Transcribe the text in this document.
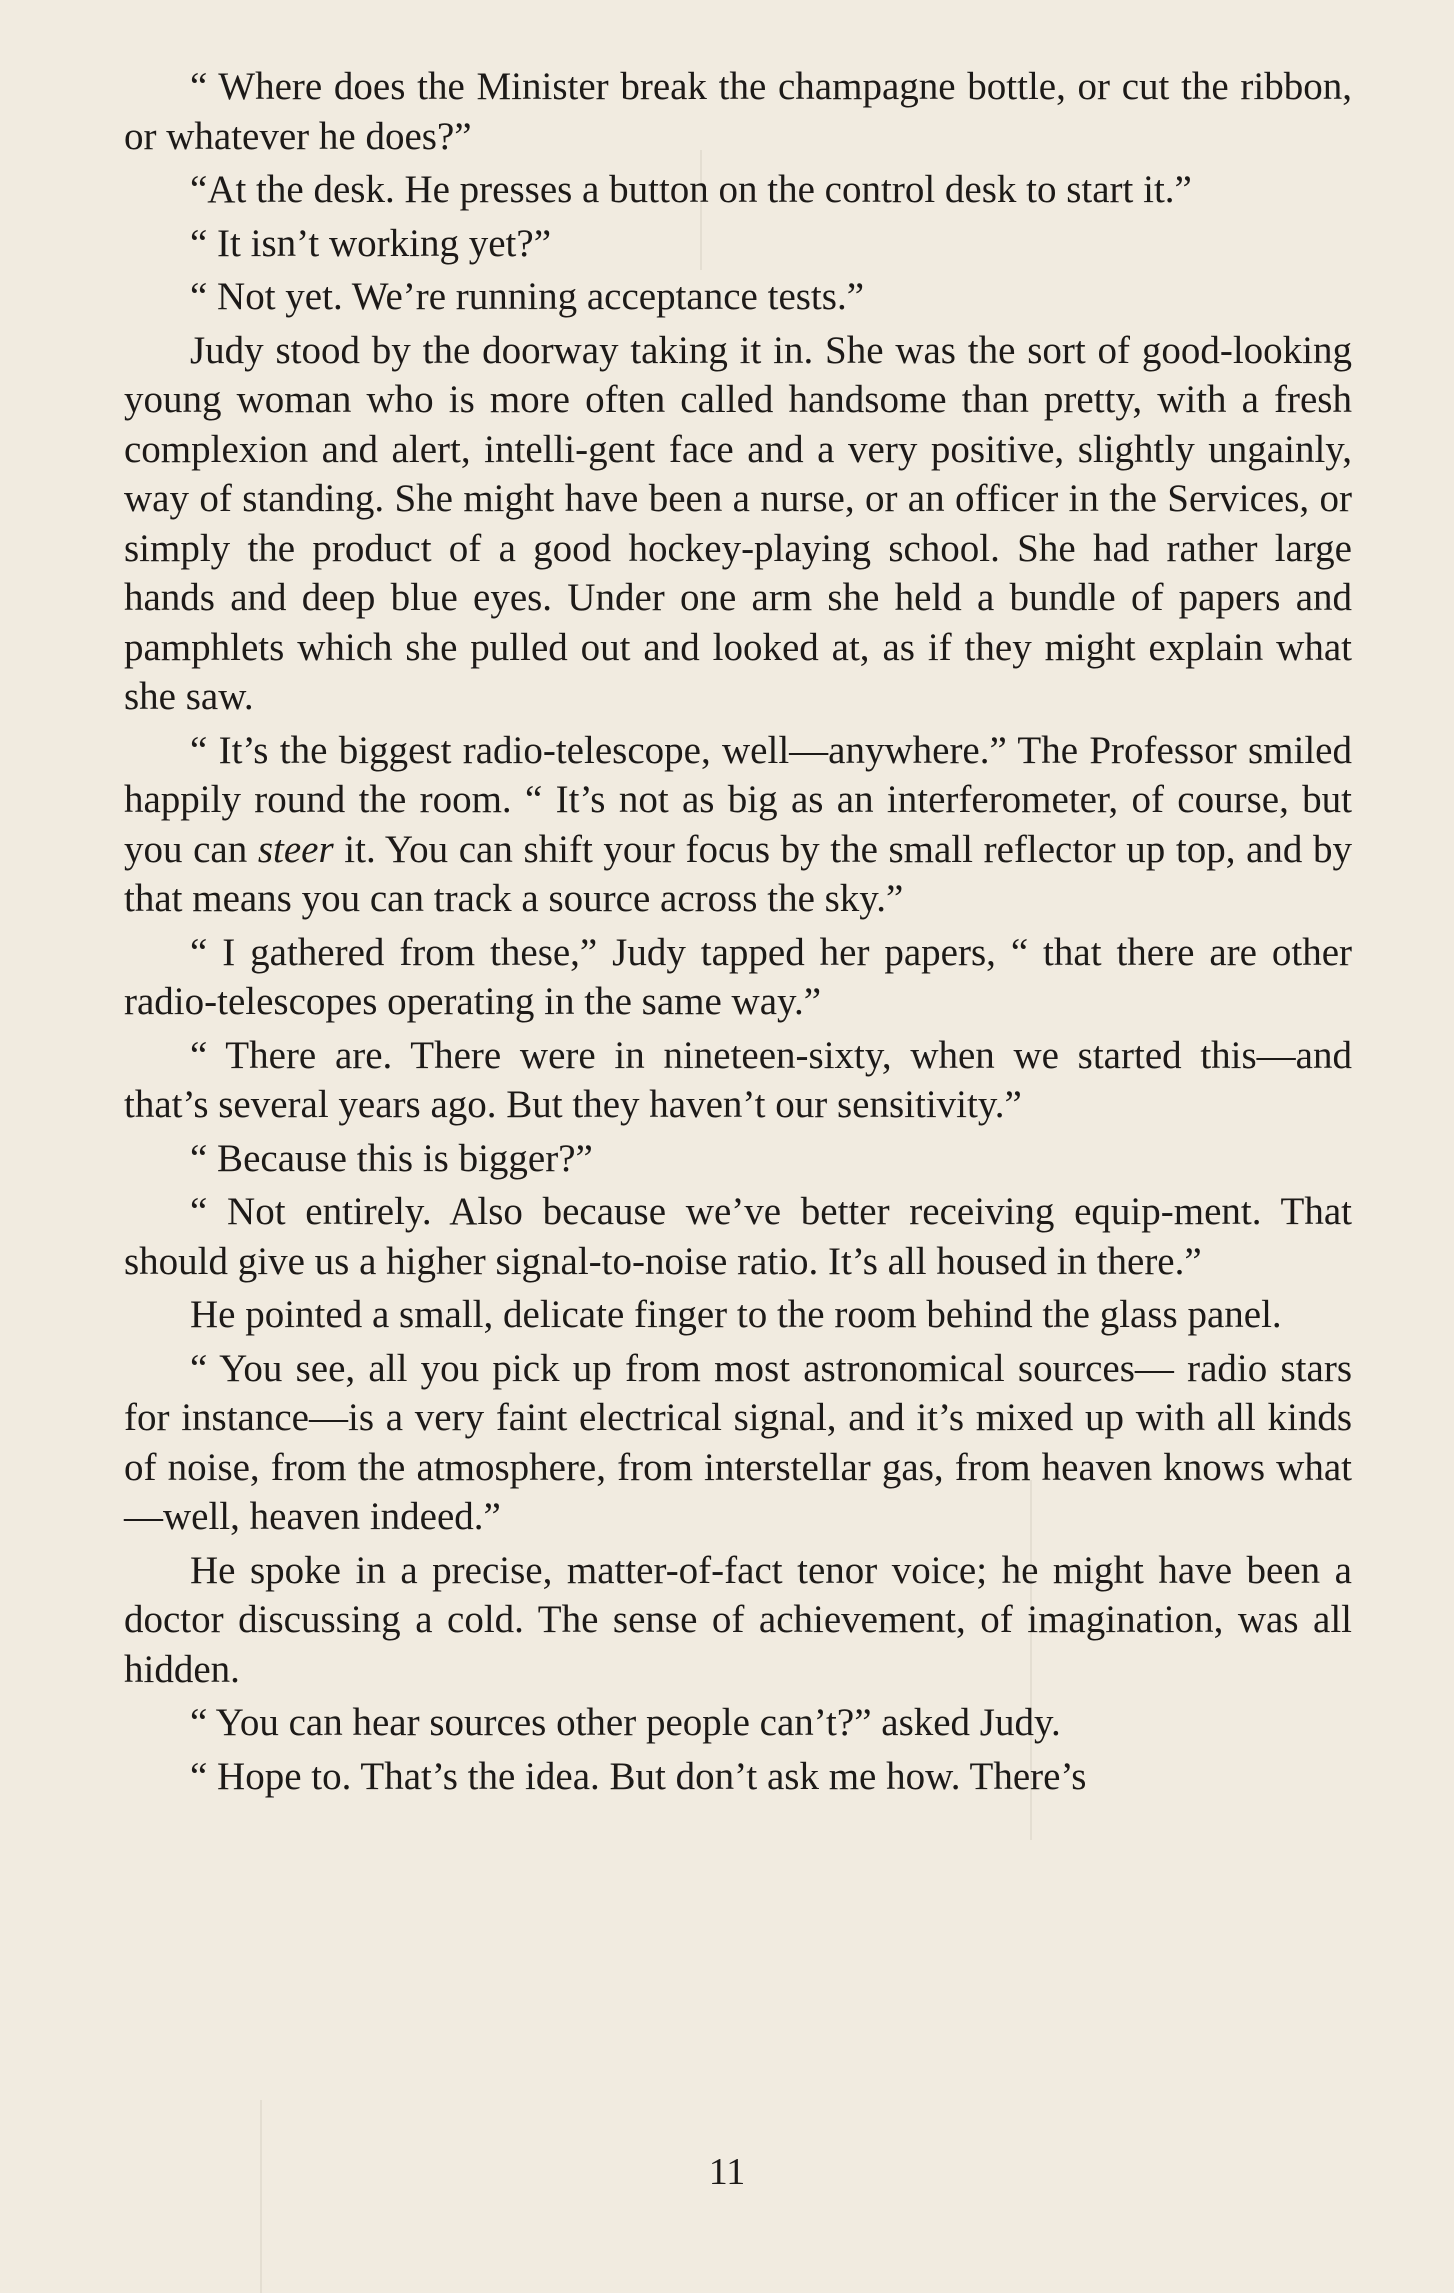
“ Where does the Minister break the champagne bottle, or cut the ribbon, or whatever he does?”

“At the desk. He presses a button on the control desk to start it.”

“ It isn’t working yet?”

“ Not yet. We’re running acceptance tests.”

Judy stood by the doorway taking it in. She was the sort of good-looking young woman who is more often called handsome than pretty, with a fresh complexion and alert, intelli-gent face and a very positive, slightly ungainly, way of standing. She might have been a nurse, or an officer in the Services, or simply the product of a good hockey-playing school. She had rather large hands and deep blue eyes. Under one arm she held a bundle of papers and pamphlets which she pulled out and looked at, as if they might explain what she saw.

“ It’s the biggest radio-telescope, well—anywhere.” The Professor smiled happily round the room. “ It’s not as big as an interferometer, of course, but you can steer it. You can shift your focus by the small reflector up top, and by that means you can track a source across the sky.”

“ I gathered from these,” Judy tapped her papers, “ that there are other radio-telescopes operating in the same way.”

“ There are. There were in nineteen-sixty, when we started this—and that’s several years ago. But they haven’t our sensitivity.”

“ Because this is bigger?”

“ Not entirely. Also because we’ve better receiving equip-ment. That should give us a higher signal-to-noise ratio. It’s all housed in there.”

He pointed a small, delicate finger to the room behind the glass panel.

“ You see, all you pick up from most astronomical sources— radio stars for instance—is a very faint electrical signal, and it’s mixed up with all kinds of noise, from the atmosphere, from interstellar gas, from heaven knows what—well, heaven indeed.”

He spoke in a precise, matter-of-fact tenor voice; he might have been a doctor discussing a cold. The sense of achievement, of imagination, was all hidden.

“ You can hear sources other people can’t?” asked Judy.

“ Hope to. That’s the idea. But don’t ask me how. There’s

11
